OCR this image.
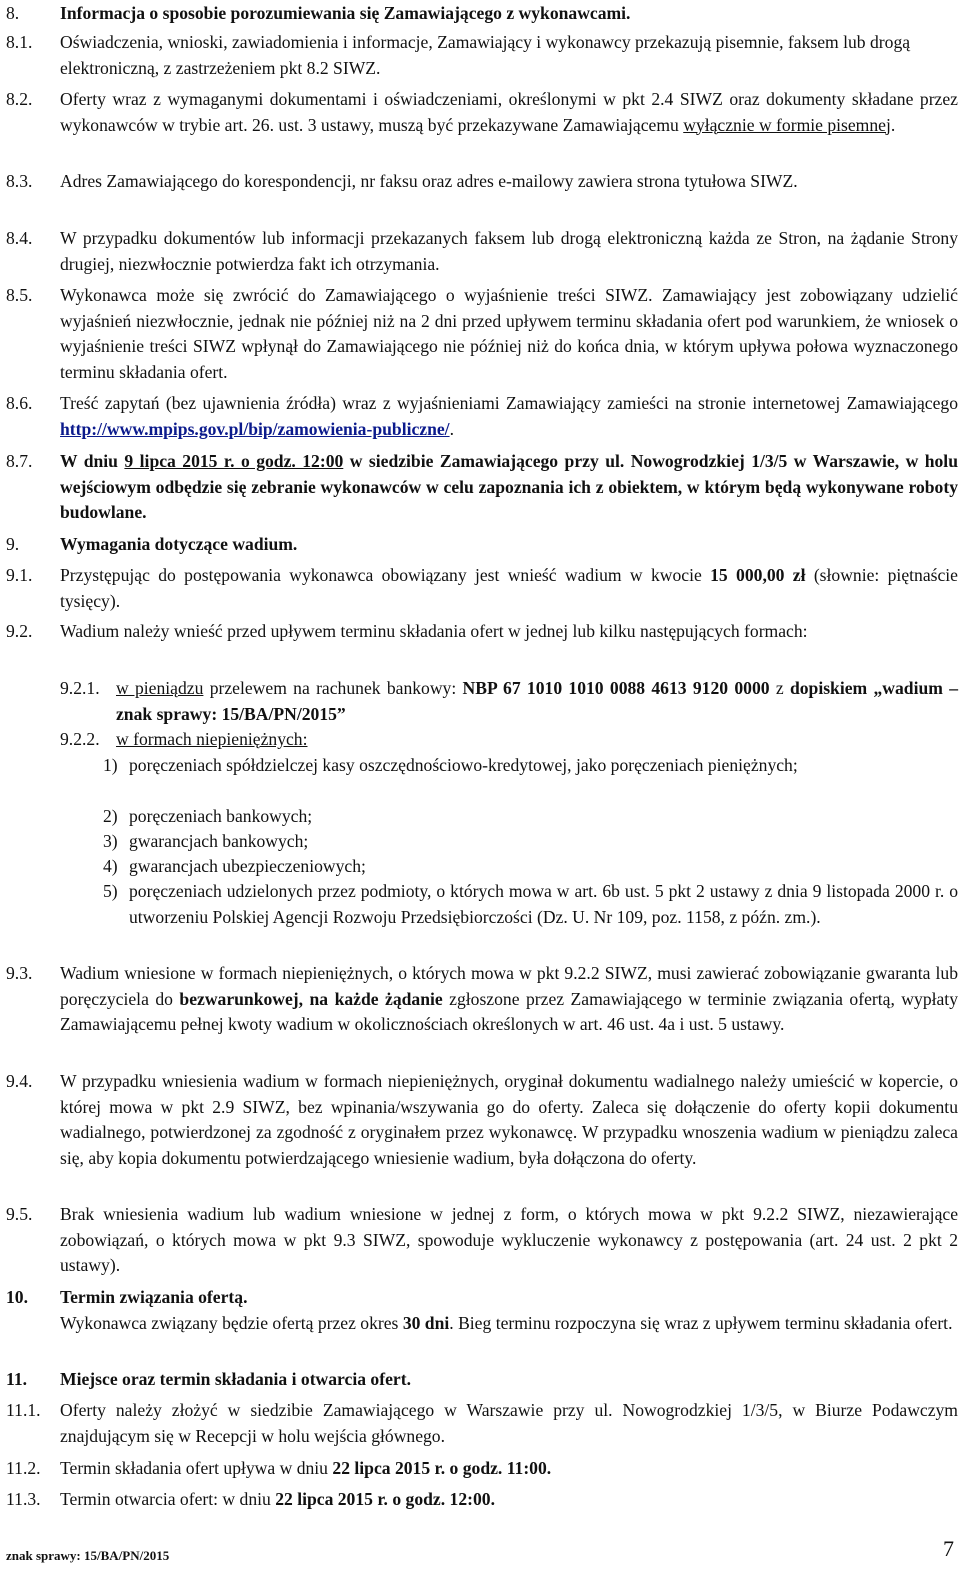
8. Informacja o sposobie porozumiewania się Zamawiającego z wykonawcami.
8.1. Oświadczenia, wnioski, zawiadomienia i informacje, Zamawiający i wykonawcy przekazują pisemnie, faksem lub drogą elektroniczną, z zastrzeżeniem pkt 8.2 SIWZ.
8.2. Oferty wraz z wymaganymi dokumentami i oświadczeniami, określonymi w pkt 2.4 SIWZ oraz dokumenty składane przez wykonawców w trybie art. 26. ust. 3 ustawy, muszą być przekazywane Zamawiającemu wyłącznie w formie pisemnej.
8.3. Adres Zamawiającego do korespondencji, nr faksu oraz adres e-mailowy zawiera strona tytułowa SIWZ.
8.4. W przypadku dokumentów lub informacji przekazanych faksem lub drogą elektroniczną każda ze Stron, na żądanie Strony drugiej, niezwłocznie potwierdza fakt ich otrzymania.
8.5. Wykonawca może się zwrócić do Zamawiającego o wyjaśnienie treści SIWZ. Zamawiający jest zobowiązany udzielić wyjaśnień niezwłocznie, jednak nie później niż na 2 dni przed upływem terminu składania ofert pod warunkiem, że wniosek o wyjaśnienie treści SIWZ wpłynął do Zamawiającego nie później niż do końca dnia, w którym upływa połowa wyznaczonego terminu składania ofert.
8.6. Treść zapytań (bez ujawnienia źródła) wraz z wyjaśnieniami Zamawiający zamieści na stronie internetowej Zamawiającego http://www.mpips.gov.pl/bip/zamowienia-publiczne/.
8.7. W dniu 9 lipca 2015 r. o godz. 12:00 w siedzibie Zamawiającego przy ul. Nowogrodzkiej 1/3/5 w Warszawie, w holu wejściowym odbędzie się zebranie wykonawców w celu zapoznania ich z obiektem, w którym będą wykonywane roboty budowlane.
9. Wymagania dotyczące wadium.
9.1. Przystępując do postępowania wykonawca obowiązany jest wnieść wadium w kwocie 15 000,00 zł (słownie: piętnaście tysięcy).
9.2. Wadium należy wnieść przed upływem terminu składania ofert w jednej lub kilku następujących formach:
9.2.1. w pieniądzu przelewem na rachunek bankowy: NBP 67 1010 1010 0088 4613 9120 0000 z dopiskiem „wadium – znak sprawy: 15/BA/PN/2015”
9.2.2. w formach niepieniężnych:
1) poręczeniach spółdzielczej kasy oszczędnościowo-kredytowej, jako poręczeniach pieniężnych;
2) poręczeniach bankowych;
3) gwarancjach bankowych;
4) gwarancjach ubezpieczeniowych;
5) poręczeniach udzielonych przez podmioty, o których mowa w art. 6b ust. 5 pkt 2 ustawy z dnia 9 listopada 2000 r. o utworzeniu Polskiej Agencji Rozwoju Przedsiębiorczości (Dz. U. Nr 109, poz. 1158, z późn. zm.).
9.3. Wadium wniesione w formach niepieniężnych, o których mowa w pkt 9.2.2 SIWZ, musi zawierać zobowiązanie gwaranta lub poręczyciela do bezwarunkowej, na każde żądanie zgłoszone przez Zamawiającego w terminie związania ofertą, wypłaty Zamawiającemu pełnej kwoty wadium w okolicznościach określonych w art. 46 ust. 4a i ust. 5 ustawy.
9.4. W przypadku wniesienia wadium w formach niepieniężnych, oryginał dokumentu wadialnego należy umieścić w kopercie, o której mowa w pkt 2.9 SIWZ, bez wpinania/wszywania go do oferty. Zaleca się dołączenie do oferty kopii dokumentu wadialnego, potwierdzonej za zgodność z oryginałem przez wykonawcę. W przypadku wnoszenia wadium w pieniądzu zaleca się, aby kopia dokumentu potwierdzającego wniesienie wadium, była dołączona do oferty.
9.5. Brak wniesienia wadium lub wadium wniesione w jednej z form, o których mowa w pkt 9.2.2 SIWZ, niezawierające zobowiązań, o których mowa w pkt 9.3 SIWZ, spowoduje wykluczenie wykonawcy z postępowania (art. 24 ust. 2 pkt 2 ustawy).
10. Termin związania ofertą.
Wykonawca związany będzie ofertą przez okres 30 dni. Bieg terminu rozpoczyna się wraz z upływem terminu składania ofert.
11. Miejsce oraz termin składania i otwarcia ofert.
11.1. Oferty należy złożyć w siedzibie Zamawiającego w Warszawie przy ul. Nowogrodzkiej 1/3/5, w Biurze Podawczym znajdującym się w Recepcji w holu wejścia głównego.
11.2. Termin składania ofert upływa w dniu 22 lipca 2015 r. o godz. 11:00.
11.3. Termin otwarcia ofert: w dniu 22 lipca 2015 r. o godz. 12:00.
znak sprawy: 15/BA/PN/2015	7
